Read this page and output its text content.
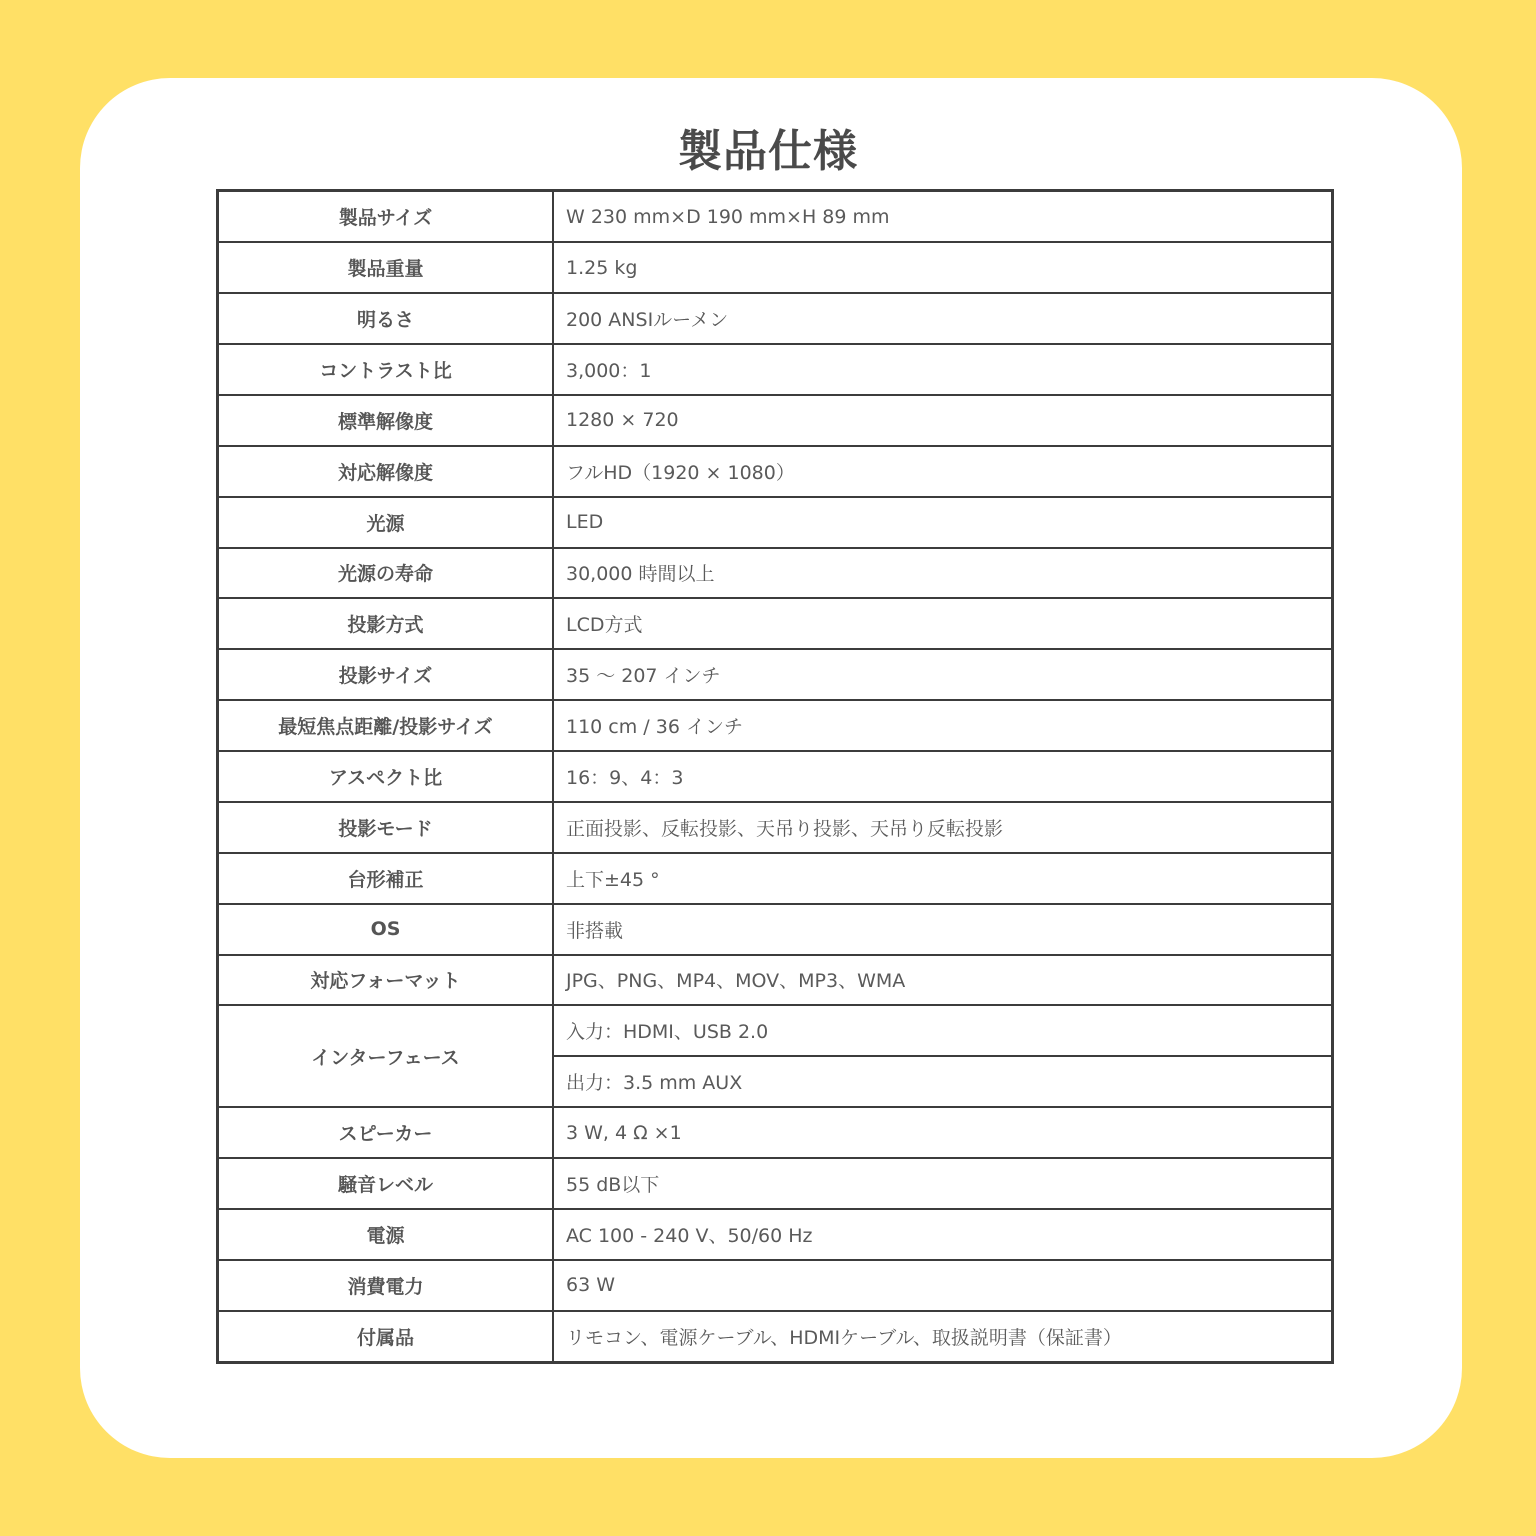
製品仕様
製品サイズ	W 230 mm×D 190 mm×H 89 mm
製品重量	1.25 kg
明るさ	200 ANSIルーメン
コントラスト比	3,000：1
標準解像度	1280 × 720
対応解像度	フルHD（1920 × 1080）
光源	LED
光源の寿命	30,000 時間以上
投影方式	LCD方式
投影サイズ	35 ～ 207 インチ
最短焦点距離/投影サイズ	110 cm / 36 インチ
アスペクト比	16：9、4：3
投影モード	正面投影、反転投影、天吊り投影、天吊り反転投影
台形補正	上下±45 °
OS	非搭載
対応フォーマット	JPG、PNG、MP4、MOV、MP3、WMA
インターフェース	入力：HDMI、USB 2.0
	出力：3.5 mm AUX
スピーカー	3 W, 4 Ω ×1
騒音レベル	55 dB以下
電源	AC 100 - 240 V、50/60 Hz
消費電力	63 W
付属品	リモコン、電源ケーブル、HDMIケーブル、取扱説明書（保証書）
